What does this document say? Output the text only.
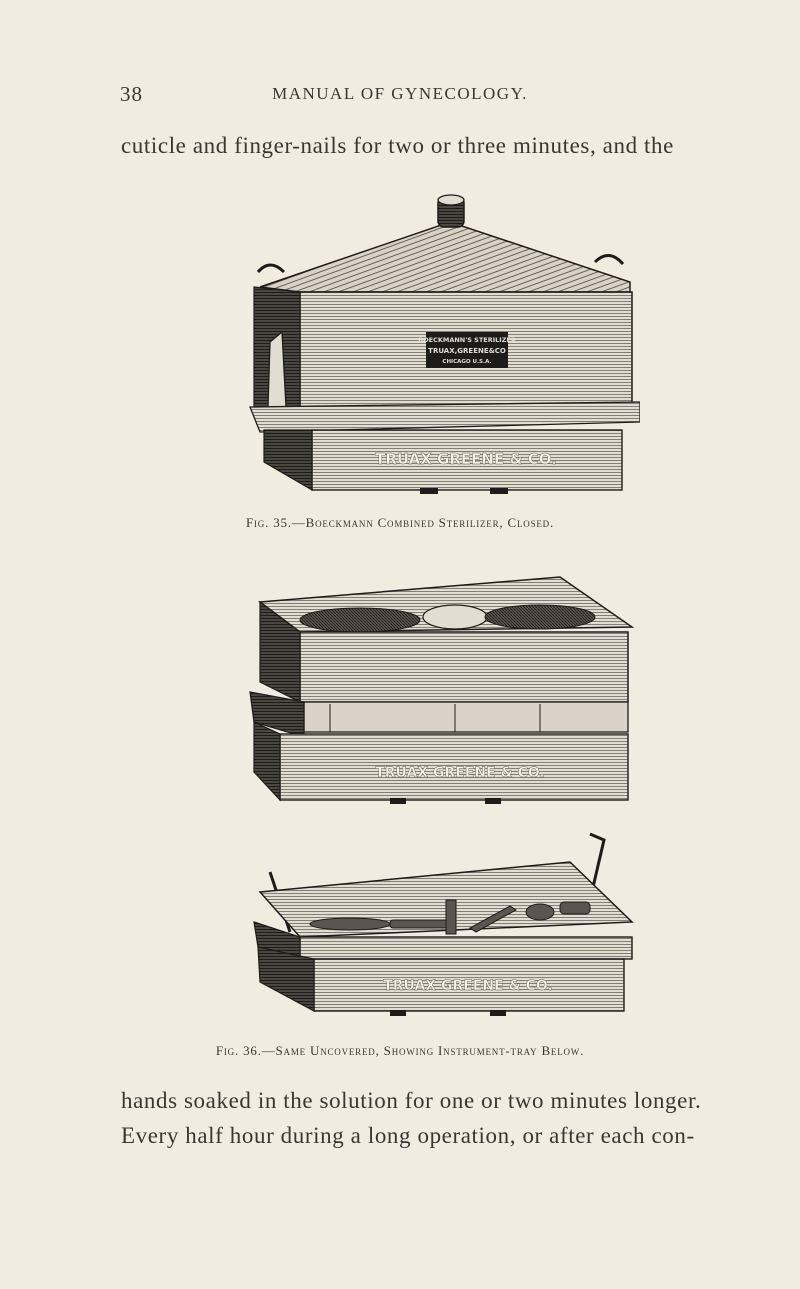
38	MANUAL OF GYNECOLOGY.
cuticle and finger-nails for two or three minutes, and the
BOECKMANN'S STERILIZER
TRUAX,GREENE&CO
CHICAGO U.S.A.
TRUAX GREENE & CO.
Fig. 35.—Boeckmann Combined Sterilizer, Closed.
TRUAX GREENE & CO.
TRUAX GREENE & CO.
Fig. 36.—Same Uncovered, Showing Instrument-tray Below.
hands soaked in the solution for one or two minutes longer.
Every half hour during a long operation, or after each con-
